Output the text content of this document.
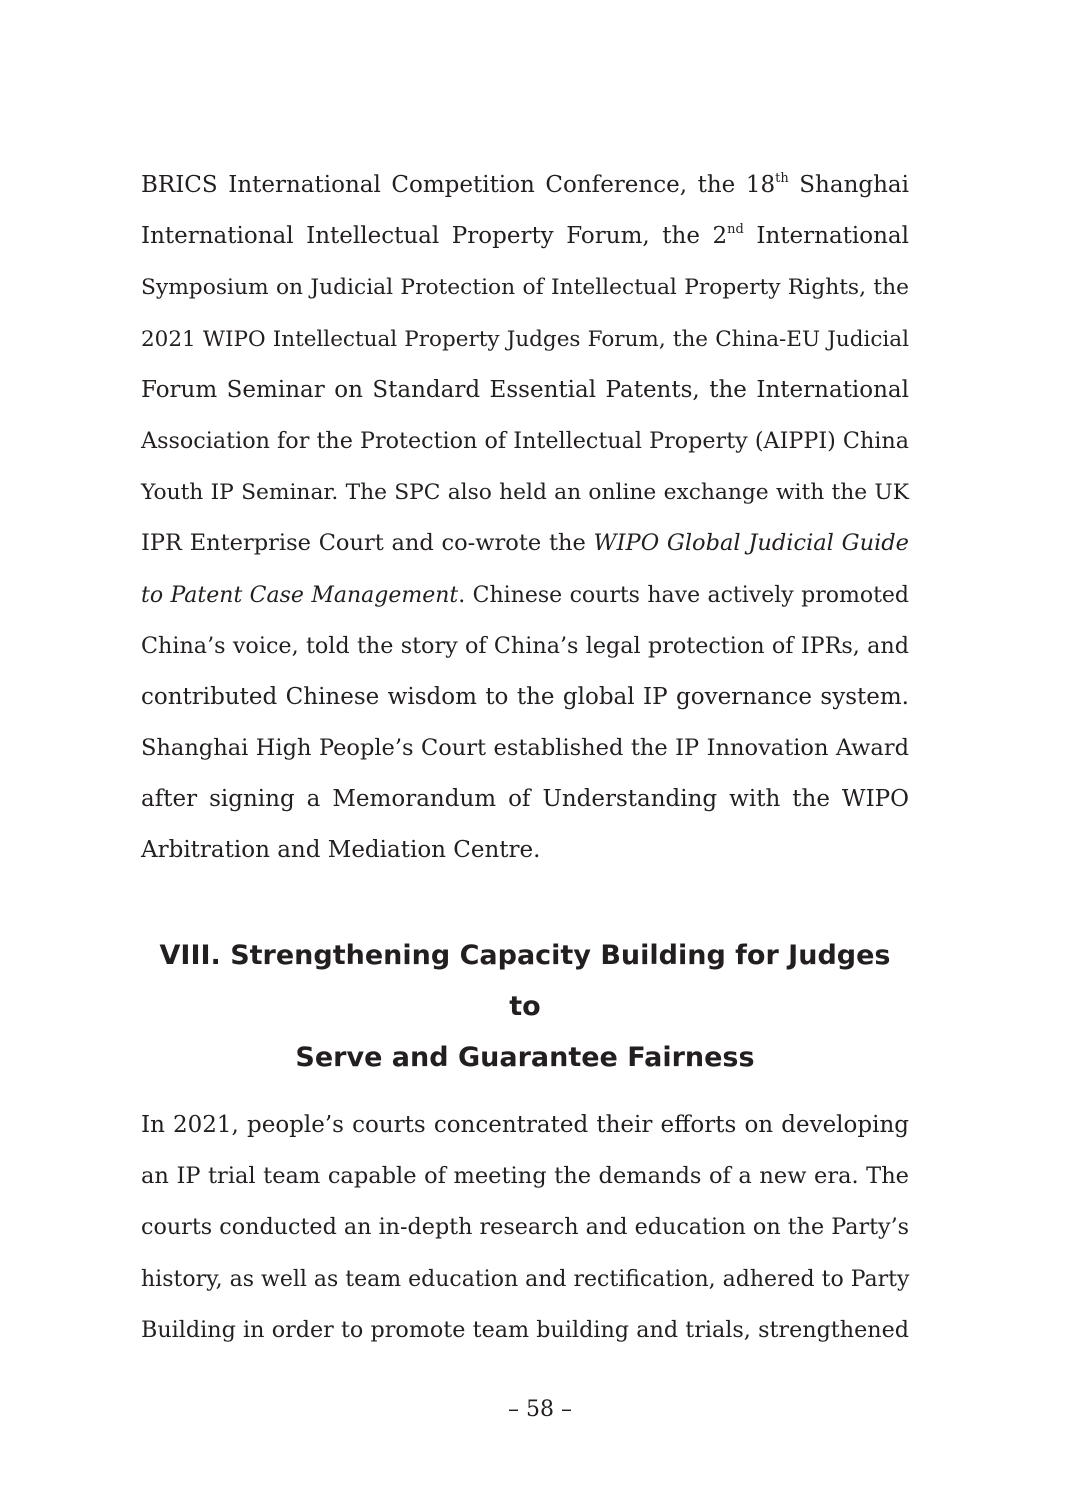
BRICS International Competition Conference, the 18th Shanghai
International Intellectual Property Forum, the 2nd International
Symposium on Judicial Protection of Intellectual Property Rights, the
2021 WIPO Intellectual Property Judges Forum, the China-EU Judicial
Forum Seminar on Standard Essential Patents, the International
Association for the Protection of Intellectual Property (AIPPI) China
Youth IP Seminar. The SPC also held an online exchange with the UK
IPR Enterprise Court and co-wrote the WIPO Global Judicial Guide
to Patent Case Management. Chinese courts have actively promoted
China’s voice, told the story of China’s legal protection of IPRs, and
contributed Chinese wisdom to the global IP governance system.
Shanghai High People’s Court established the IP Innovation Award
after signing a Memorandum of Understanding with the WIPO
Arbitration and Mediation Centre.
VIII. Strengthening Capacity Building for Judges to
Serve and Guarantee Fairness
In 2021, people’s courts concentrated their efforts on developing
an IP trial team capable of meeting the demands of a new era. The
courts conducted an in-depth research and education on the Party’s
history, as well as team education and rectification, adhered to Party
Building in order to promote team building and trials, strengthened
– 58 –
